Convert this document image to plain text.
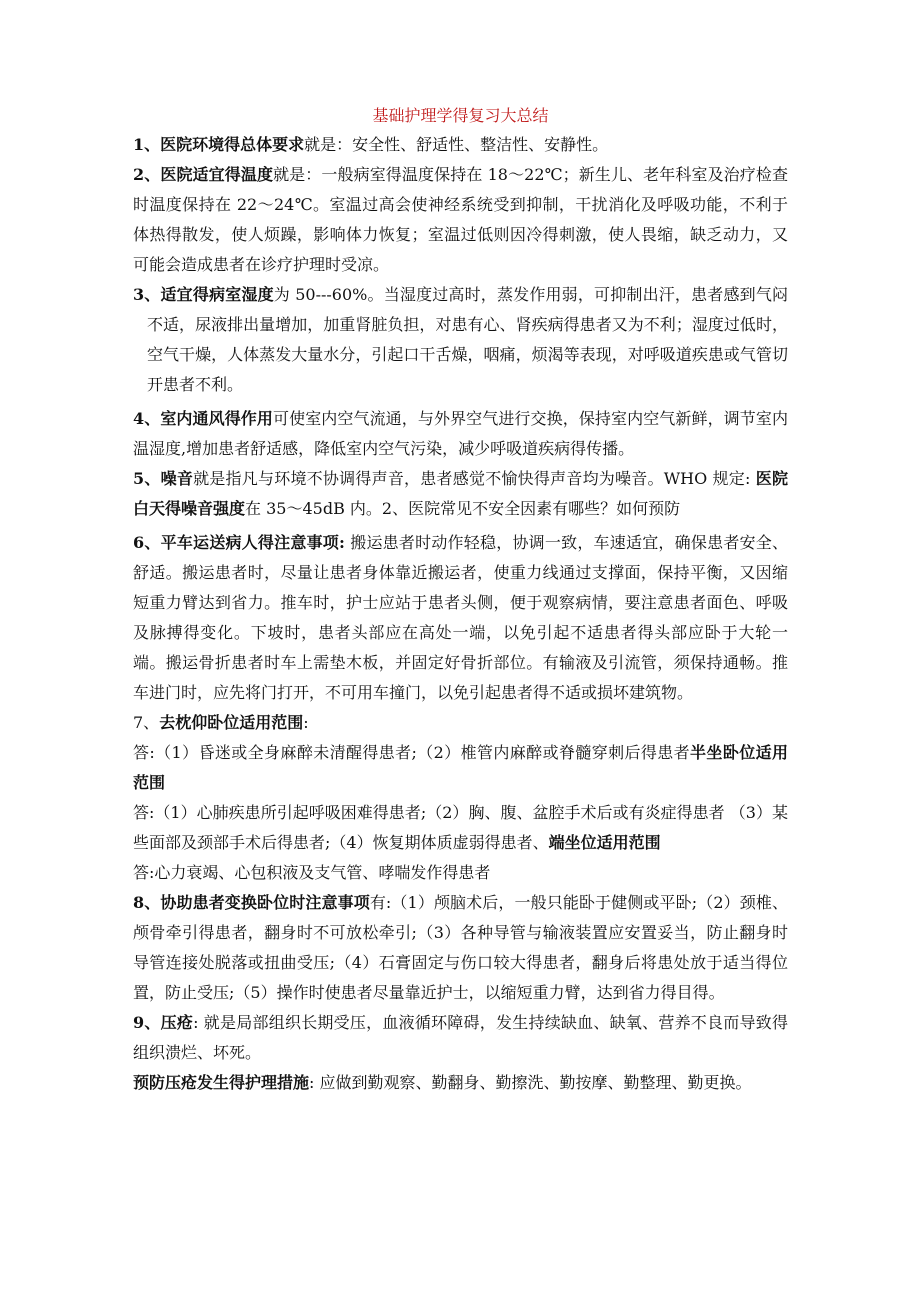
基础护理学得复习大总结

1、医院环境得总体要求就是：安全性、舒适性、整洁性、安静性。

2、医院适宜得温度就是：一般病室得温度保持在 18～22℃；新生儿、老年科室及治疗检查时温度保持在 22～24℃。室温过高会使神经系统受到抑制，干扰消化及呼吸功能，不利于体热得散发，使人烦躁，影响体力恢复；室温过低则因冷得刺激，使人畏缩，缺乏动力，又可能会造成患者在诊疗护理时受凉。

3、适宜得病室湿度为 50---60%。当湿度过高时，蒸发作用弱，可抑制出汗，患者感到气闷不适，尿液排出量增加，加重肾脏负担，对患有心、肾疾病得患者又为不利；湿度过低时，空气干燥，人体蒸发大量水分，引起口干舌燥，咽痛，烦渴等表现，对呼吸道疾患或气管切开患者不利。

4、室内通风得作用可使室内空气流通，与外界空气进行交换，保持室内空气新鲜，调节室内温湿度,增加患者舒适感，降低室内空气污染，减少呼吸道疾病得传播。

5、噪音就是指凡与环境不协调得声音，患者感觉不愉快得声音均为噪音。WHO 规定: 医院白天得噪音强度在 35～45dB 内。2、医院常见不安全因素有哪些？如何预防

6、平车运送病人得注意事项: 搬运患者时动作轻稳，协调一致，车速适宜，确保患者安全、舒适。搬运患者时，尽量让患者身体靠近搬运者，使重力线通过支撑面，保持平衡，又因缩短重力臂达到省力。推车时，护士应站于患者头侧，便于观察病情，要注意患者面色、呼吸及脉搏得变化。下坡时，患者头部应在高处一端，以免引起不适患者得头部应卧于大轮一端。搬运骨折患者时车上需垫木板，并固定好骨折部位。有输液及引流管，须保持通畅。推车进门时，应先将门打开，不可用车撞门，以免引起患者得不适或损坏建筑物。

7、去枕仰卧位适用范围:

答:（1）昏迷或全身麻醉未清醒得患者;（2）椎管内麻醉或脊髓穿刺后得患者半坐卧位适用范围

答:（1）心肺疾患所引起呼吸困难得患者;（2）胸、腹、盆腔手术后或有炎症得患者 （3）某些面部及颈部手术后得患者;（4）恢复期体质虚弱得患者、端坐位适用范围

答:心力衰竭、心包积液及支气管、哮喘发作得患者

8、协助患者变换卧位时注意事项有:（1）颅脑术后，一般只能卧于健侧或平卧;（2）颈椎、颅骨牵引得患者，翻身时不可放松牵引;（3）各种导管与输液装置应安置妥当，防止翻身时导管连接处脱落或扭曲受压;（4）石膏固定与伤口较大得患者，翻身后将患处放于适当得位置，防止受压;（5）操作时使患者尽量靠近护士，以缩短重力臂，达到省力得目得。

9、压疮: 就是局部组织长期受压，血液循环障碍，发生持续缺血、缺氧、营养不良而导致得组织溃烂、坏死。

预防压疮发生得护理措施: 应做到勤观察、勤翻身、勤擦洗、勤按摩、勤整理、勤更换。
